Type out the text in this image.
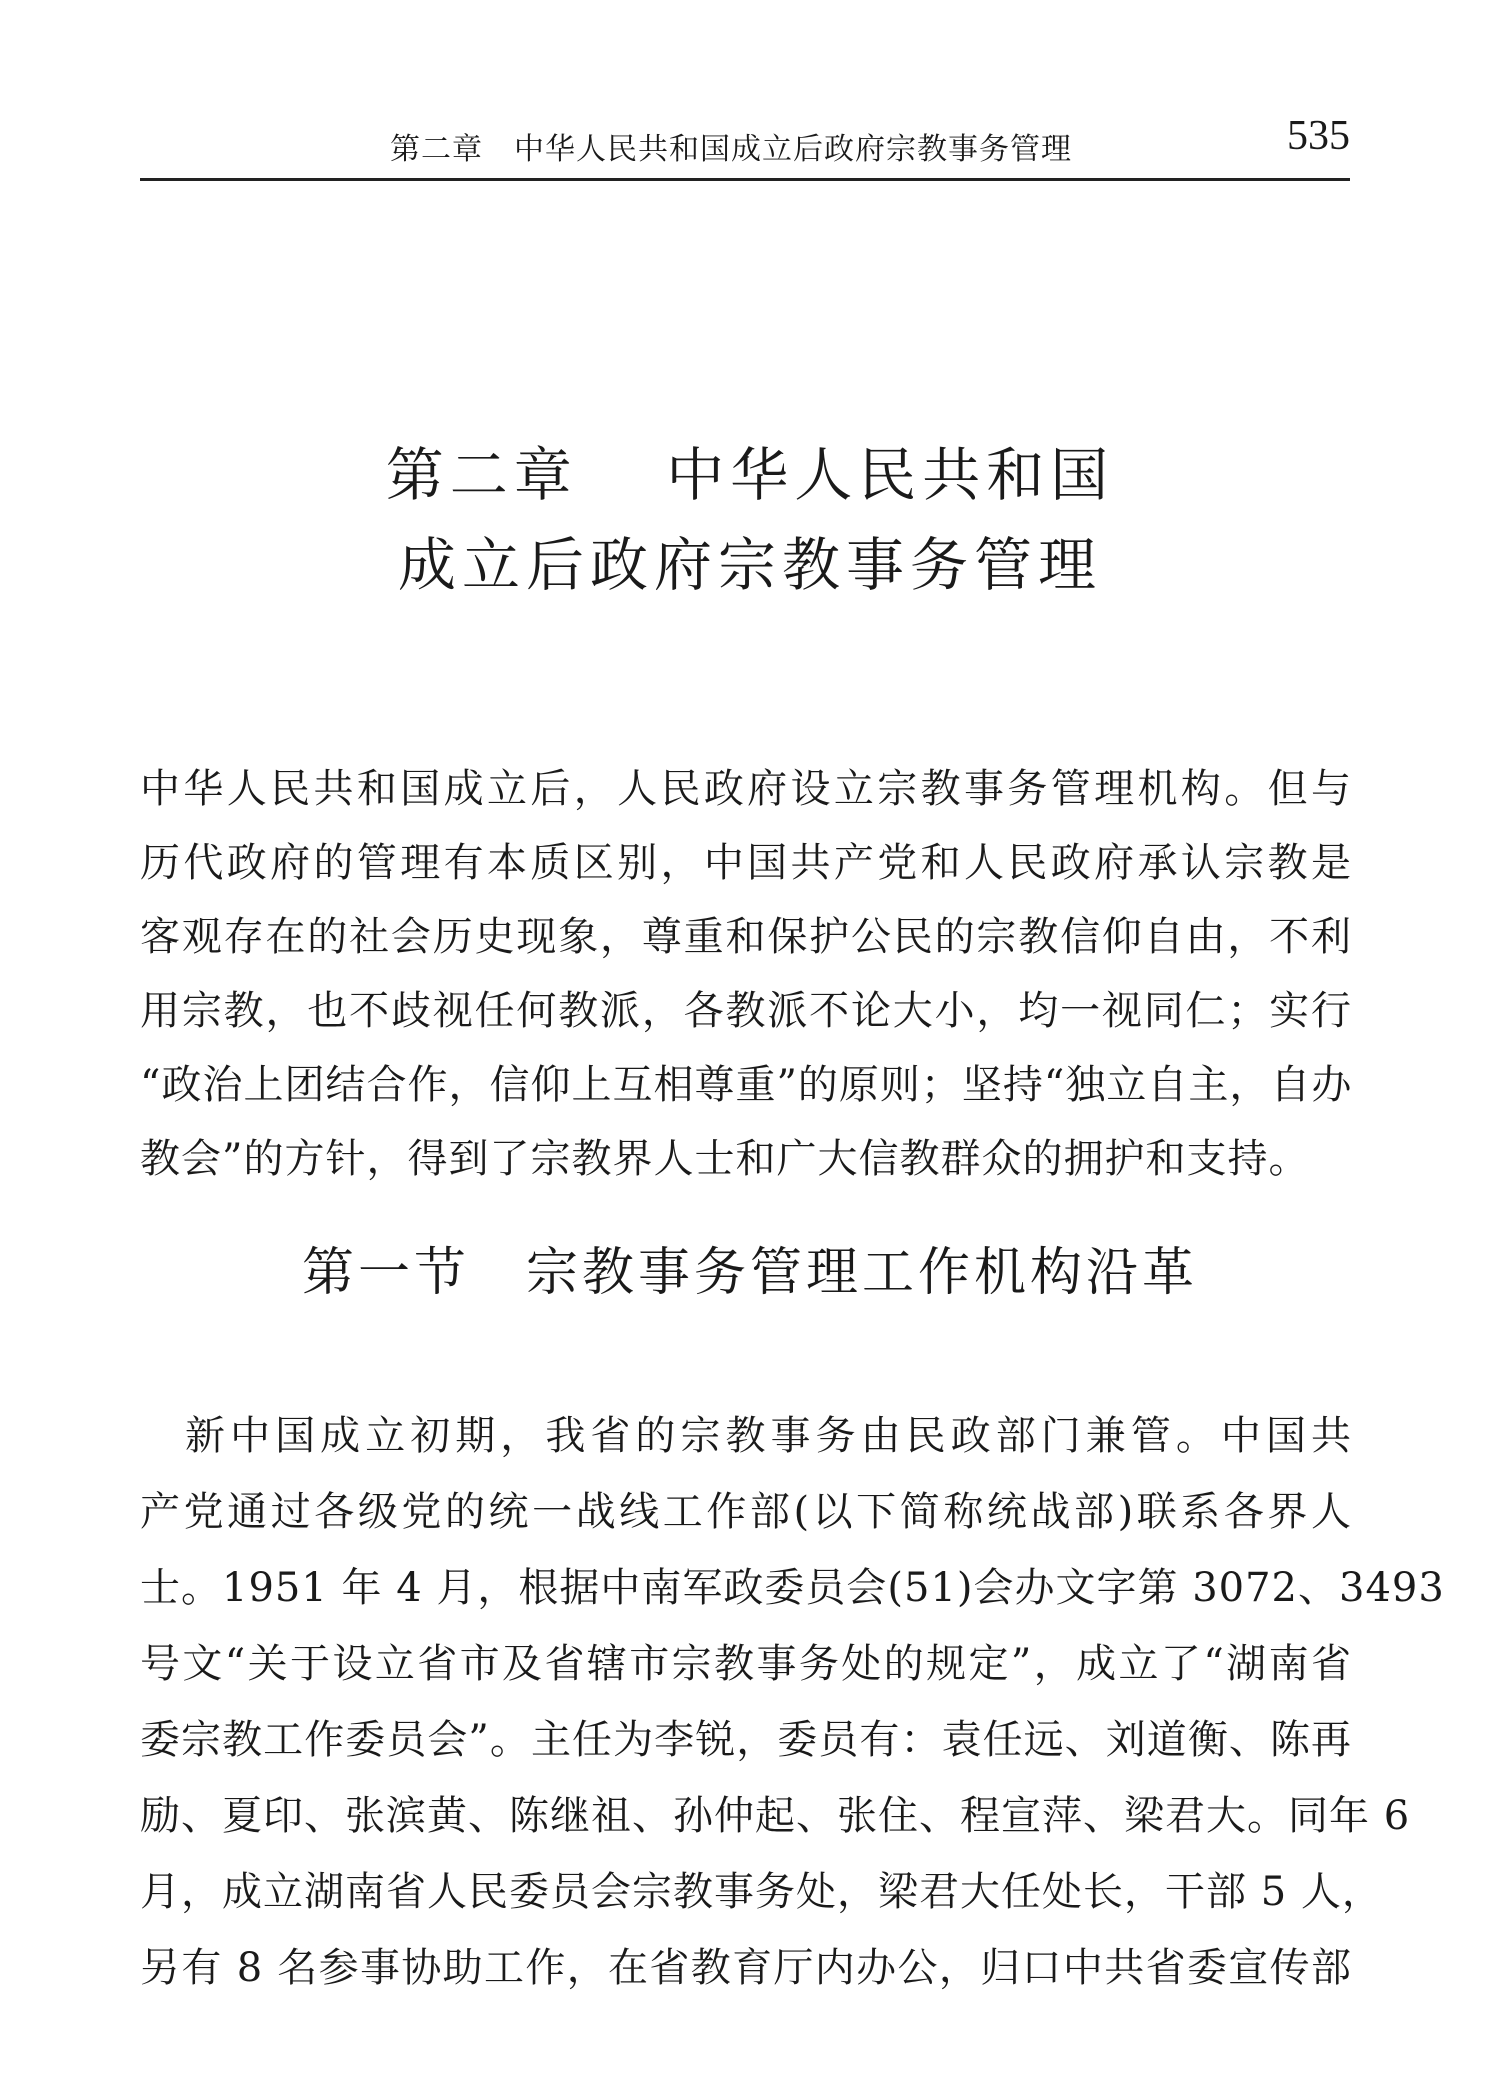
第二章　中华人民共和国成立后政府宗教事务管理	535
第二章　 中华人民共和国
成立后政府宗教事务管理
中华人民共和国成立后，人民政府设立宗教事务管理机构。但与
历代政府的管理有本质区别，中国共产党和人民政府承认宗教是
客观存在的社会历史现象，尊重和保护公民的宗教信仰自由，不利
用宗教，也不歧视任何教派，各教派不论大小，均一视同仁；实行
“政治上团结合作，信仰上互相尊重”的原则；坚持“独立自主，自办
教会”的方针，得到了宗教界人士和广大信教群众的拥护和支持。
第一节　宗教事务管理工作机构沿革
　新中国成立初期，我省的宗教事务由民政部门兼管。中国共
产党通过各级党的统一战线工作部(以下简称统战部)联系各界人
士。1951 年 4 月，根据中南军政委员会(51)会办文字第 3072、3493
号文“关于设立省市及省辖市宗教事务处的规定”，成立了“湖南省
委宗教工作委员会”。主任为李锐，委员有：袁任远、刘道衡、陈再
励、夏印、张滨黄、陈继祖、孙仲起、张住、程宣萍、梁君大。同年 6
月，成立湖南省人民委员会宗教事务处，梁君大任处长，干部 5 人，
另有 8 名参事协助工作，在省教育厅内办公，归口中共省委宣传部
